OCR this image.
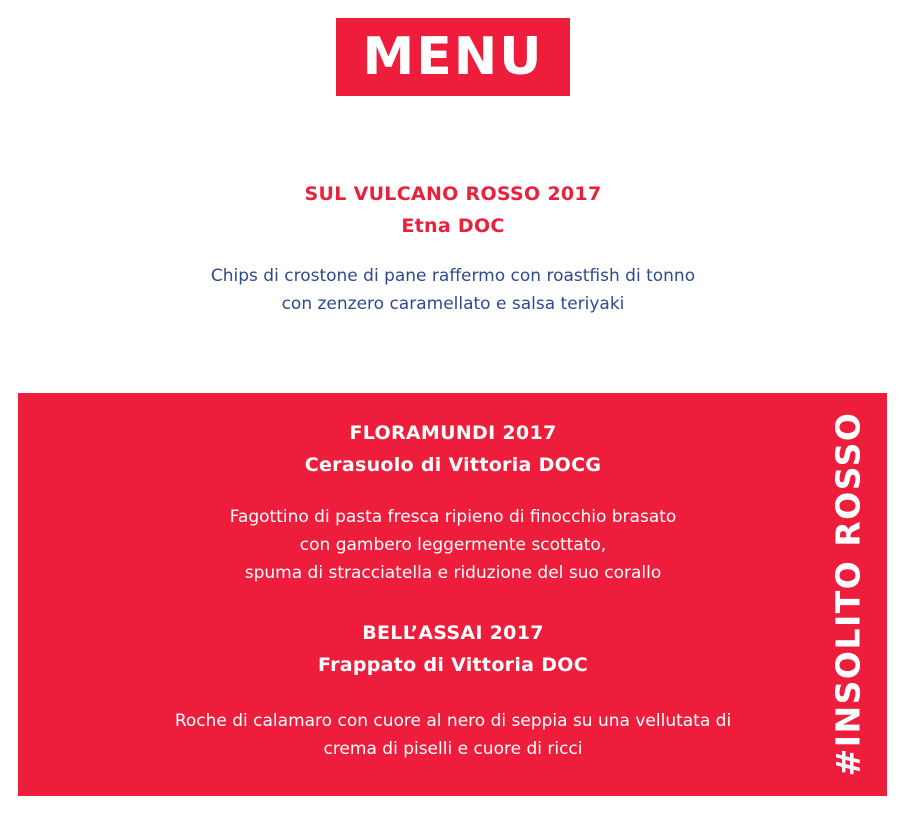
MENU
SUL VULCANO ROSSO 2017
Etna DOC
Chips di crostone di pane raffermo con roastfish di tonno
con zenzero caramellato e salsa teriyaki
FLORAMUNDI 2017
Cerasuolo di Vittoria DOCG
Fagottino di pasta fresca ripieno di finocchio brasato
con gambero leggermente scottato,
spuma di stracciatella e riduzione del suo corallo
BELL’ASSAI 2017
Frappato di Vittoria DOC
Roche di calamaro con cuore al nero di seppia su una vellutata di
crema di piselli e cuore di ricci	#INSOLITO ROSSO
